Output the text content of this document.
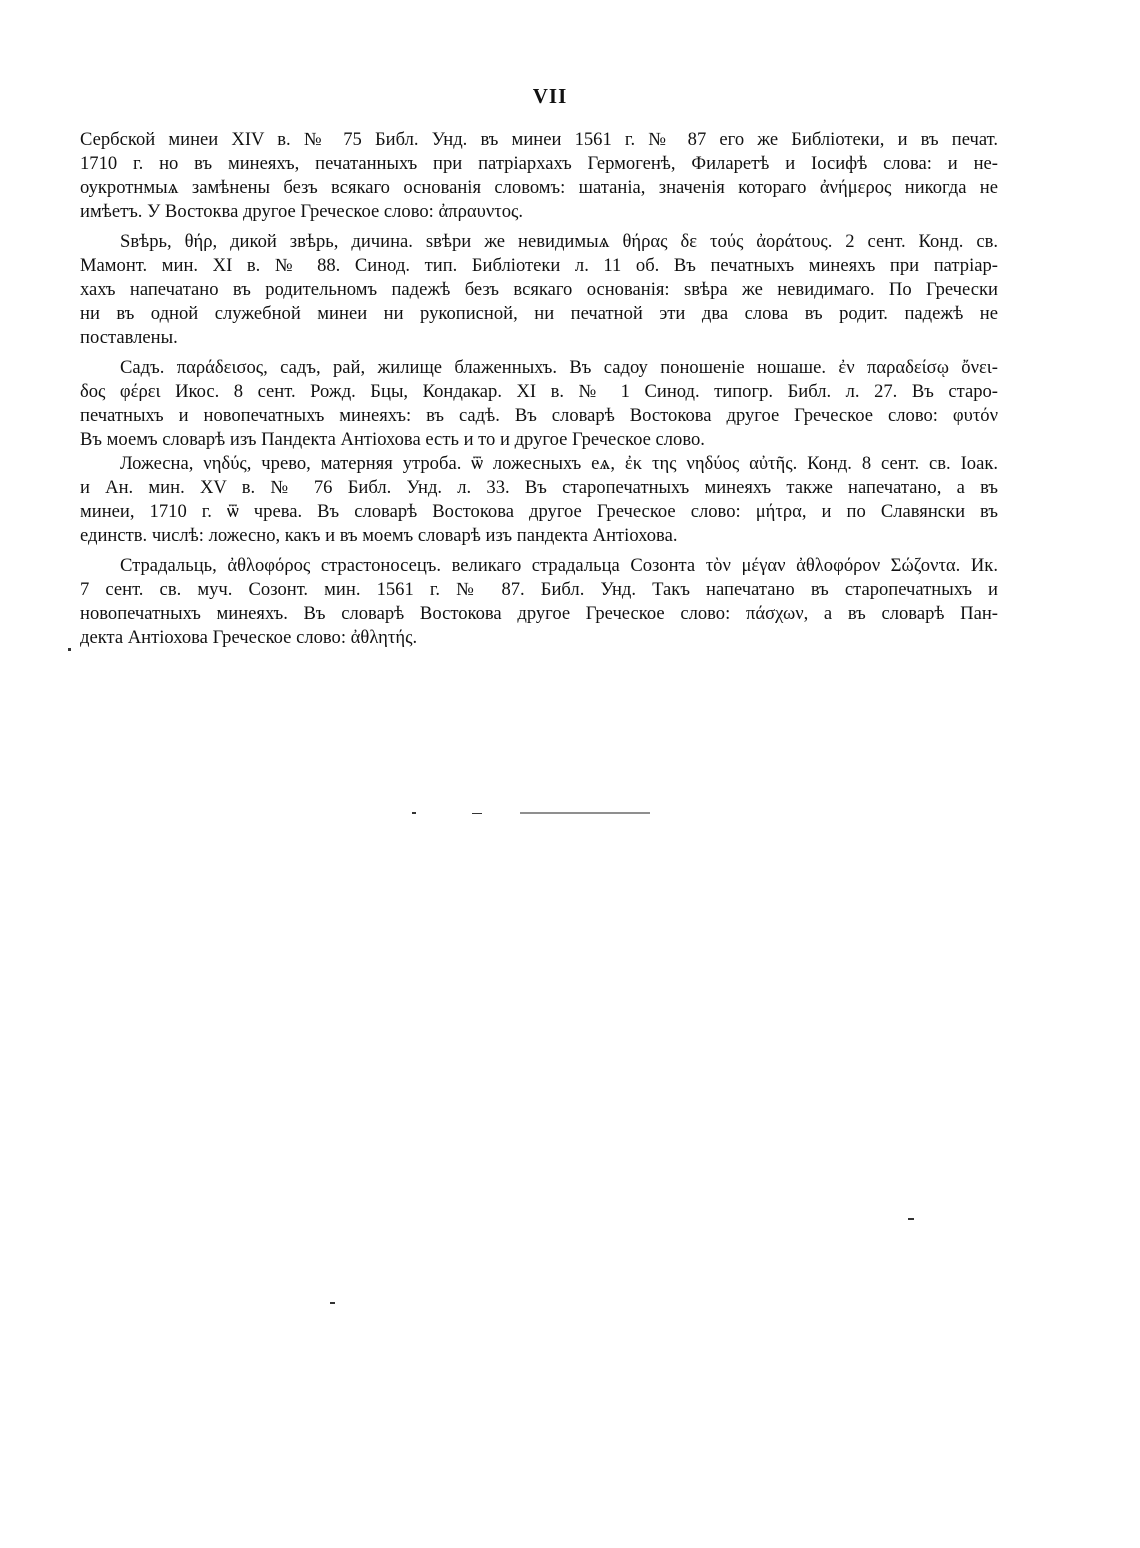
VII
Сербской минеи XIV в. № 75 Библ. Унд. въ минеи 1561 г. № 87 его же Библіотеки, и въ печат.
1710 г. но въ минеяхъ, печатанныхъ при патріархахъ Гермогенѣ, Филаретѣ и Іосифѣ слова: и не-
оукротнмыѧ замѣнены безъ всякаго основанія словомъ: шатаніа, значенія котораго ἀνήμερος никогда не
имѣетъ. У Востоква другое Греческое слово: ἀπραυντος.
Ѕвѣрь, θήρ, дикой звѣрь, дичина. ѕвѣри же невидимыѧ θήρας δε τούς ἀοράτους. 2 сент. Конд. св.
Мамонт. мин. XI в. № 88. Синод. тип. Библіотеки л. 11 об. Въ печатныхъ минеяхъ при патріар-
хахъ напечатано въ родительномъ падежѣ безъ всякаго основанія: ѕвѣра же невидимаго. По Гречески
ни въ одной служебной минеи ни рукописной, ни печатной эти два слова въ родит. падежѣ не
поставлены.
Садъ. παράδεισος, садъ, рай, жилище блаженныхъ. Въ садоу поношеніе ношаше. ἐν παραδείσῳ ὄνει-
δος φέρει Икос. 8 сент. Рожд. Бцы, Кондакар. XI в. № 1 Синод. типогр. Библ. л. 27. Въ старо-
печатныхъ и новопечатныхъ минеяхъ: въ садѣ. Въ словарѣ Востокова другое Греческое слово: φυτόν
Въ моемъ словарѣ изъ Пандекта Антіохова есть и то и другое Греческое слово.
Ложесна, νηδύς, чрево, матерняя утроба. ѿ ложесныхъ еѧ, ἐκ της νηδύος αὐτῆς. Конд. 8 сент. св. Іоак.
и Ан. мин. XV в. № 76 Библ. Унд. л. 33. Въ старопечатныхъ минеяхъ также напечатано, а въ
минеи, 1710 г. ѿ чрева. Въ словарѣ Востокова другое Греческое слово: μήτρα, и по Славянски въ
единств. числѣ: ложесно, какъ и въ моемъ словарѣ изъ пандекта Антіохова.
Страдальць, ἀθλοφόρος страстоносецъ. великаго страдальца Созонта τὸν μέγαν ἀθλοφόρον Σώζοντα. Ик.
7 сент. св. муч. Созонт. мин. 1561 г. № 87. Библ. Унд. Такъ напечатано въ старопечатныхъ и
новопечатныхъ минеяхъ. Въ словарѣ Востокова другое Греческое слово: πάσχων, а въ словарѣ Пан-
декта Антіохова Греческое слово: ἀθλητής.
